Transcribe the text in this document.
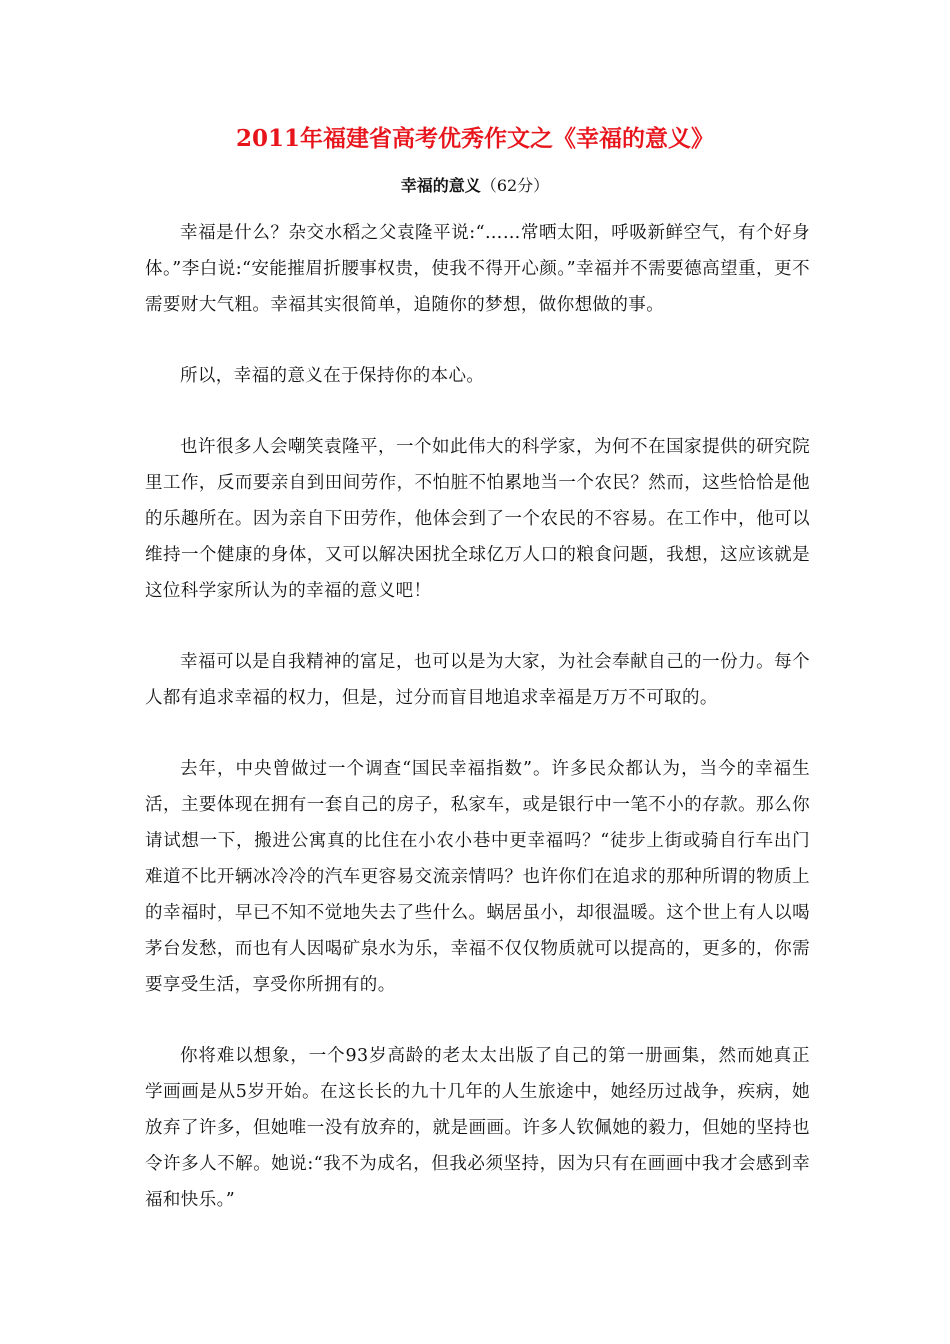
2011年福建省高考优秀作文之《幸福的意义》
幸福的意义（62分）

幸福是什么？杂交水稻之父袁隆平说:“……常晒太阳，呼吸新鲜空气，有个好身体。”李白说:“安能摧眉折腰事权贵，使我不得开心颜。”幸福并不需要德高望重，更不需要财大气粗。幸福其实很简单，追随你的梦想，做你想做的事。

所以，幸福的意义在于保持你的本心。

也许很多人会嘲笑袁隆平，一个如此伟大的科学家，为何不在国家提供的研究院里工作，反而要亲自到田间劳作，不怕脏不怕累地当一个农民？然而，这些恰恰是他的乐趣所在。因为亲自下田劳作，他体会到了一个农民的不容易。在工作中，他可以维持一个健康的身体，又可以解决困扰全球亿万人口的粮食问题，我想，这应该就是这位科学家所认为的幸福的意义吧！

幸福可以是自我精神的富足，也可以是为大家，为社会奉献自己的一份力。每个人都有追求幸福的权力，但是，过分而盲目地追求幸福是万万不可取的。

去年，中央曾做过一个调查“国民幸福指数”。许多民众都认为，当今的幸福生活，主要体现在拥有一套自己的房子，私家车，或是银行中一笔不小的存款。那么你请试想一下，搬进公寓真的比住在小农小巷中更幸福吗？“徒步上街或骑自行车出门难道不比开辆冰冷冷的汽车更容易交流亲情吗？也许你们在追求的那种所谓的物质上的幸福时，早已不知不觉地失去了些什么。蜗居虽小，却很温暖。这个世上有人以喝茅台发愁，而也有人因喝矿泉水为乐，幸福不仅仅物质就可以提高的，更多的，你需要享受生活，享受你所拥有的。

你将难以想象，一个93岁高龄的老太太出版了自己的第一册画集，然而她真正学画画是从5岁开始。在这长长的九十几年的人生旅途中，她经历过战争，疾病，她放弃了许多，但她唯一没有放弃的，就是画画。许多人钦佩她的毅力，但她的坚持也令许多人不解。她说:“我不为成名，但我必须坚持，因为只有在画画中我才会感到幸福和快乐。”
